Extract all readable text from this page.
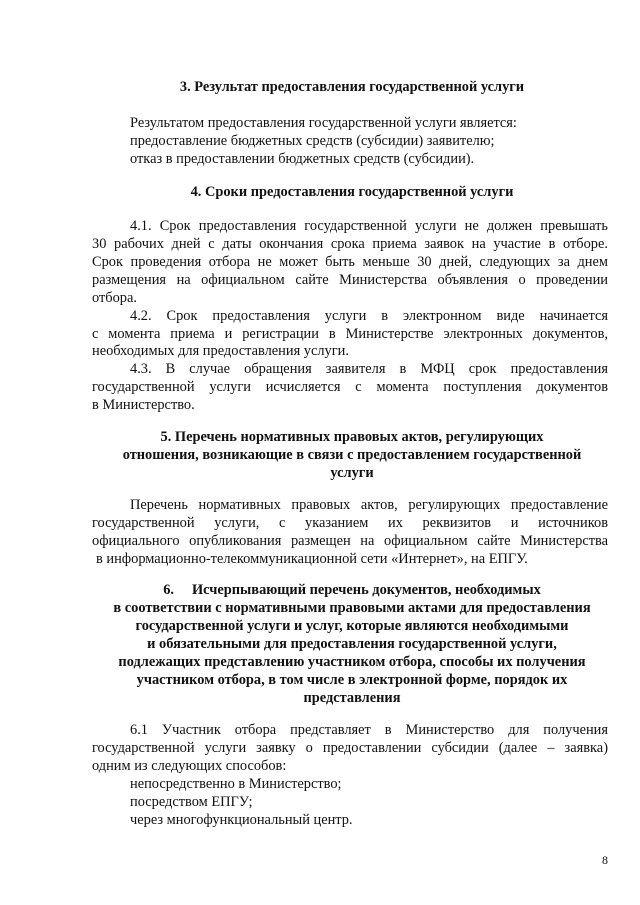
3. Результат предоставления государственной услуги
Результатом предоставления государственной услуги является:
предоставление бюджетных средств (субсидии) заявителю;
отказ в предоставлении бюджетных средств (субсидии).
4. Сроки предоставления государственной услуги
4.1. Срок предоставления государственной услуги не должен превышать
30 рабочих дней с даты окончания срока приема заявок на участие в отборе.
Срок проведения отбора не может быть меньше 30 дней, следующих за днем
размещения на официальном сайте Министерства объявления о проведении
отбора.
4.2. Срок предоставления услуги в электронном виде начинается
с момента приема и регистрации в Министерстве электронных документов,
необходимых для предоставления услуги.
4.3. В случае обращения заявителя в МФЦ срок предоставления
государственной услуги исчисляется с момента поступления документов
в Министерство.
5. Перечень нормативных правовых актов, регулирующих
отношения, возникающие в связи с предоставлением государственной
услуги
Перечень нормативных правовых актов, регулирующих предоставление
государственной услуги, с указанием их реквизитов и источников
официального опубликования размещен на официальном сайте Министерства
в информационно-телекоммуникационной сети «Интернет», на ЕПГУ.
6.     Исчерпывающий перечень документов, необходимых
в соответствии с нормативными правовыми актами для предоставления
государственной услуги и услуг, которые являются необходимыми
и обязательными для предоставления государственной услуги,
подлежащих представлению участником отбора, способы их получения
участником отбора, в том числе в электронной форме, порядок их
представления
6.1 Участник отбора представляет в Министерство для получения
государственной услуги заявку о предоставлении субсидии (далее – заявка)
одним из следующих способов:
непосредственно в Министерство;
посредством ЕПГУ;
через многофункциональный центр.
8
